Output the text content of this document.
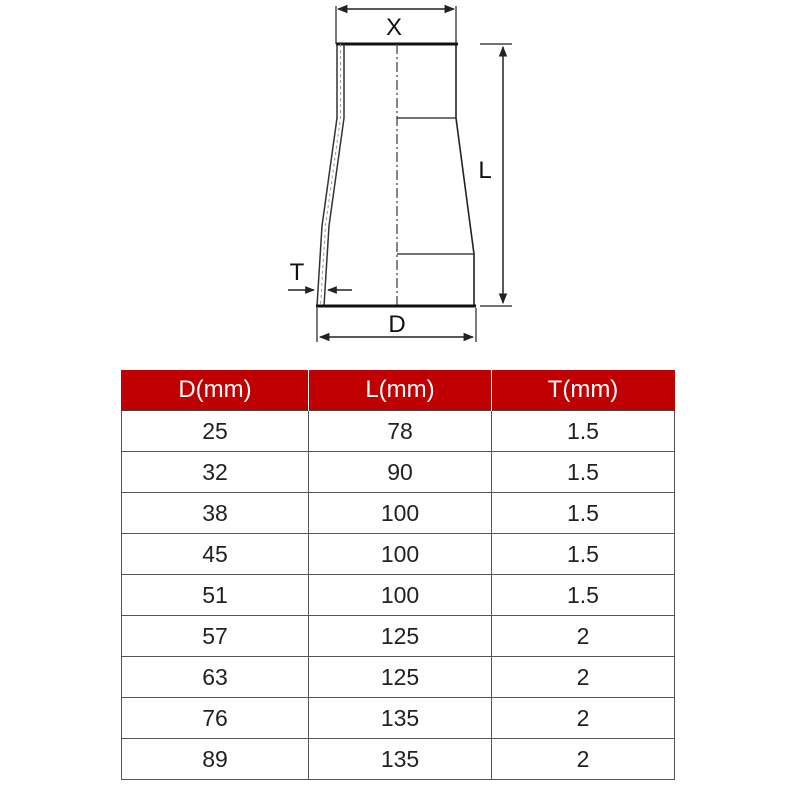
X
L
T
D
D(mm)	L(mm)	T(mm)
25	78	1.5
32	90	1.5
38	100	1.5
45	100	1.5
51	100	1.5
57	125	2
63	125	2
76	135	2
89	135	2
